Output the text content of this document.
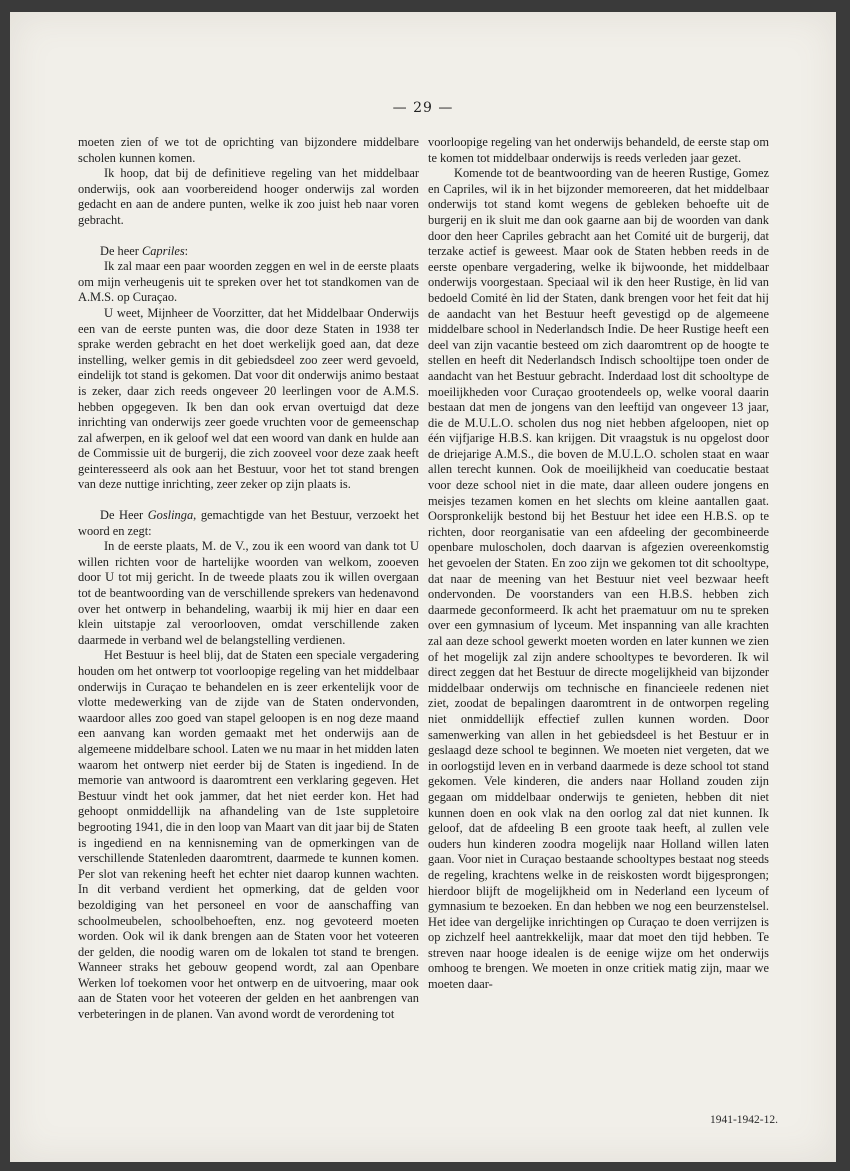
— 29 —

moeten zien of we tot de oprichting van bijzondere middelbare scholen kunnen komen.

Ik hoop, dat bij de definitieve regeling van het middelbaar onderwijs, ook aan voorbereidend hooger onderwijs zal worden gedacht en aan de andere punten, welke ik zoo juist heb naar voren gebracht.

De heer Capriles:

Ik zal maar een paar woorden zeggen en wel in de eerste plaats om mijn verheugenis uit te spreken over het tot standkomen van de A.M.S. op Curaçao.

U weet, Mijnheer de Voorzitter, dat het Middelbaar Onderwijs een van de eerste punten was, die door deze Staten in 1938 ter sprake werden gebracht en het doet werkelijk goed aan, dat deze instelling, welker gemis in dit gebiedsdeel zoo zeer werd gevoeld, eindelijk tot stand is gekomen. Dat voor dit onderwijs animo bestaat is zeker, daar zich reeds ongeveer 20 leerlingen voor de A.M.S. hebben opgegeven. Ik ben dan ook ervan overtuigd dat deze inrichting van onderwijs zeer goede vruchten voor de gemeenschap zal afwerpen, en ik geloof wel dat een woord van dank en hulde aan de Commissie uit de burgerij, die zich zooveel voor deze zaak heeft geinteresseerd als ook aan het Bestuur, voor het tot stand brengen van deze nuttige inrichting, zeer zeker op zijn plaats is.

De Heer Goslinga, gemachtigde van het Bestuur, verzoekt het woord en zegt:

In de eerste plaats, M. de V., zou ik een woord van dank tot U willen richten voor de hartelijke woorden van welkom, zooeven door U tot mij gericht. In de tweede plaats zou ik willen overgaan tot de beantwoording van de verschillende sprekers van hedenavond over het ontwerp in behandeling, waarbij ik mij hier en daar een klein uitstapje zal veroorlooven, omdat verschillende zaken daarmede in verband wel de belangstelling verdienen.

Het Bestuur is heel blij, dat de Staten een speciale vergadering houden om het ontwerp tot voorloopige regeling van het middelbaar onderwijs in Curaçao te behandelen en is zeer erkentelijk voor de vlotte medewerking van de zijde van de Staten ondervonden, waardoor alles zoo goed van stapel geloopen is en nog deze maand een aanvang kan worden gemaakt met het onderwijs aan de algemeene middelbare school. Laten we nu maar in het midden laten waarom het ontwerp niet eerder bij de Staten is ingediend. In de memorie van antwoord is daaromtrent een verklaring gegeven. Het Bestuur vindt het ook jammer, dat het niet eerder kon. Het had gehoopt onmiddellijk na afhandeling van de 1ste suppletoire begrooting 1941, die in den loop van Maart van dit jaar bij de Staten is ingediend en na kennisneming van de opmerkingen van de verschillende Statenleden daaromtrent, daarmede te kunnen komen. Per slot van rekening heeft het echter niet daarop kunnen wachten. In dit verband verdient het opmerking, dat de gelden voor bezoldiging van het personeel en voor de aanschaffing van schoolmeubelen, schoolbehoeften, enz. nog gevoteerd moeten worden. Ook wil ik dank brengen aan de Staten voor het voteeren der gelden, die noodig waren om de lokalen tot stand te brengen. Wanneer straks het gebouw geopend wordt, zal aan Openbare Werken lof toekomen voor het ontwerp en de uitvoering, maar ook aan de Staten voor het voteeren der gelden en het aanbrengen van verbeteringen in de planen. Van avond wordt de verordening tot

voorloopige regeling van het onderwijs behandeld, de eerste stap om te komen tot middelbaar onderwijs is reeds verleden jaar gezet.

Komende tot de beantwoording van de heeren Rustige, Gomez en Capriles, wil ik in het bijzonder memoreeren, dat het middelbaar onderwijs tot stand komt wegens de gebleken behoefte uit de burgerij en ik sluit me dan ook gaarne aan bij de woorden van dank door den heer Capriles gebracht aan het Comité uit de burgerij, dat terzake actief is geweest. Maar ook de Staten hebben reeds in de eerste openbare vergadering, welke ik bijwoonde, het middelbaar onderwijs voorgestaan. Speciaal wil ik den heer Rustige, èn lid van bedoeld Comité èn lid der Staten, dank brengen voor het feit dat hij de aandacht van het Bestuur heeft gevestigd op de algemeene middelbare school in Nederlandsch Indie. De heer Rustige heeft een deel van zijn vacantie besteed om zich daaromtrent op de hoogte te stellen en heeft dit Nederlandsch Indisch schooltijpe toen onder de aandacht van het Bestuur gebracht. Inderdaad lost dit schooltype de moeilijkheden voor Curaçao grootendeels op, welke vooral daarin bestaan dat men de jongens van den leeftijd van ongeveer 13 jaar, die de M.U.L.O. scholen dus nog niet hebben afgeloopen, niet op één vijfjarige H.B.S. kan krijgen. Dit vraagstuk is nu opgelost door de driejarige A.M.S., die boven de M.U.L.O. scholen staat en waar allen terecht kunnen. Ook de moeilijkheid van coeducatie bestaat voor deze school niet in die mate, daar alleen oudere jongens en meisjes tezamen komen en het slechts om kleine aantallen gaat. Oorspronkelijk bestond bij het Bestuur het idee een H.B.S. op te richten, door reorganisatie van een afdeeling der gecombineerde openbare muloscholen, doch daarvan is afgezien overeenkomstig het gevoelen der Staten. En zoo zijn we gekomen tot dit schooltype, dat naar de meening van het Bestuur niet veel bezwaar heeft ondervonden. De voorstanders van een H.B.S. hebben zich daarmede geconformeerd. Ik acht het praematuur om nu te spreken over een gymnasium of lyceum. Met inspanning van alle krachten zal aan deze school gewerkt moeten worden en later kunnen we zien of het mogelijk zal zijn andere schooltypes te bevorderen. Ik wil direct zeggen dat het Bestuur de directe mogelijkheid van bijzonder middelbaar onderwijs om technische en financieele redenen niet ziet, zoodat de bepalingen daaromtrent in de ontworpen regeling niet onmiddellijk effectief zullen kunnen worden. Door samenwerking van allen in het gebiedsdeel is het Bestuur er in geslaagd deze school te beginnen. We moeten niet vergeten, dat we in oorlogstijd leven en in verband daarmede is deze school tot stand gekomen. Vele kinderen, die anders naar Holland zouden zijn gegaan om middelbaar onderwijs te genieten, hebben dit niet kunnen doen en ook vlak na den oorlog zal dat niet kunnen. Ik geloof, dat de afdeeling B een groote taak heeft, al zullen vele ouders hun kinderen zoodra mogelijk naar Holland willen laten gaan. Voor niet in Curaçao bestaande schooltypes bestaat nog steeds de regeling, krachtens welke in de reiskosten wordt bijgesprongen; hierdoor blijft de mogelijkheid om in Nederland een lyceum of gymnasium te bezoeken. En dan hebben we nog een beurzenstelsel. Het idee van dergelijke inrichtingen op Curaçao te doen verrijzen is op zichzelf heel aantrekkelijk, maar dat moet den tijd hebben. Te streven naar hooge idealen is de eenige wijze om het onderwijs omhoog te brengen. We moeten in onze critiek matig zijn, maar we moeten daar-

1941-1942-12.
